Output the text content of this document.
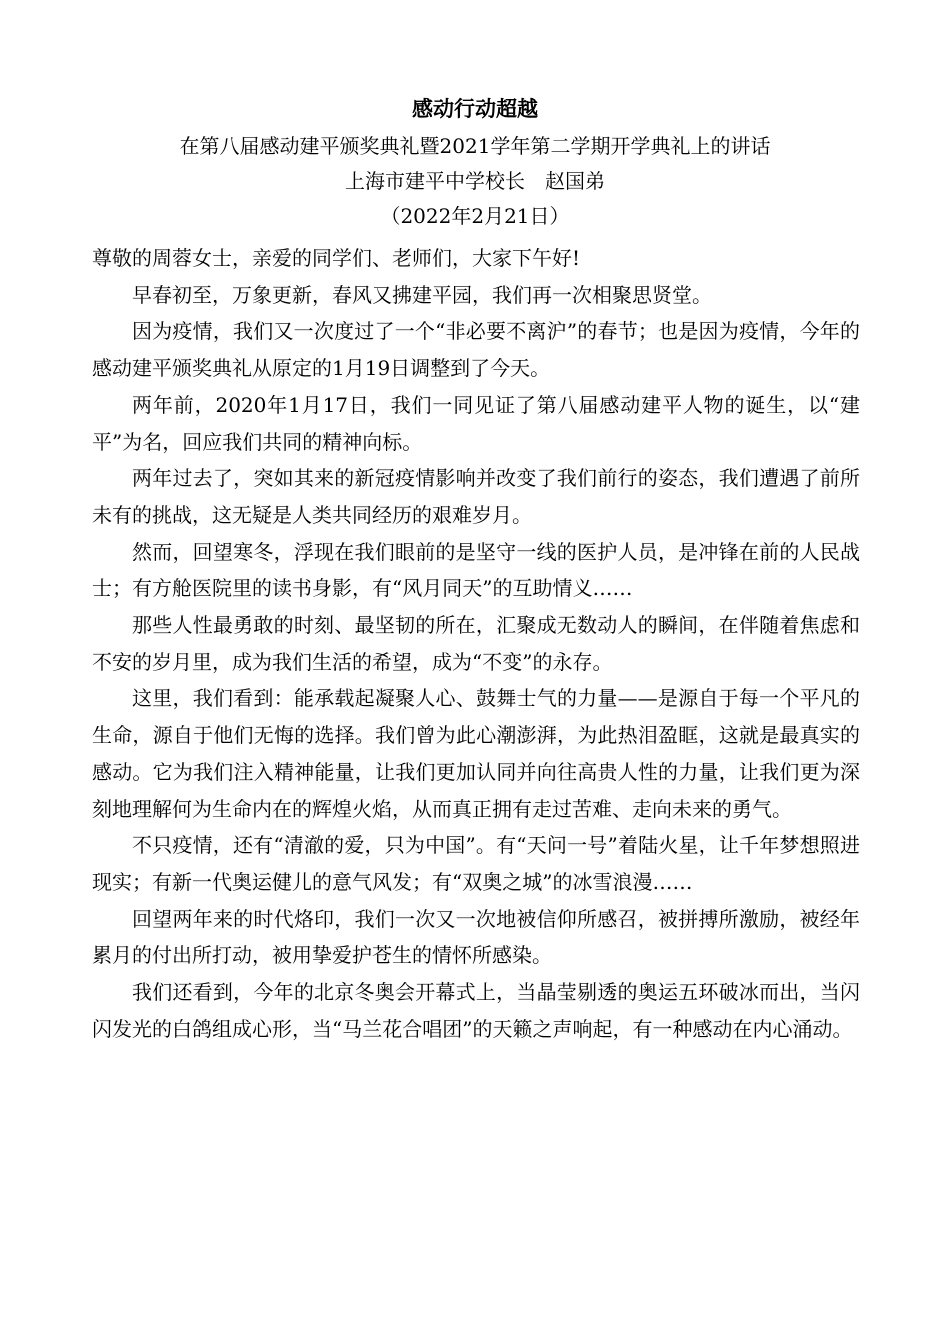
感动行动超越
在第八届感动建平颁奖典礼暨2021学年第二学期开学典礼上的讲话
上海市建平中学校长　赵国弟
（2022年2月21日）

尊敬的周蓉女士，亲爱的同学们、老师们，大家下午好!

早春初至，万象更新，春风又拂建平园，我们再一次相聚思贤堂。

因为疫情，我们又一次度过了一个“非必要不离沪”的春节；也是因为疫情，今年的感动建平颁奖典礼从原定的1月19日调整到了今天。

两年前，2020年1月17日，我们一同见证了第八届感动建平人物的诞生，以“建平”为名，回应我们共同的精神向标。

两年过去了，突如其来的新冠疫情影响并改变了我们前行的姿态，我们遭遇了前所未有的挑战，这无疑是人类共同经历的艰难岁月。

然而，回望寒冬，浮现在我们眼前的是坚守一线的医护人员，是冲锋在前的人民战士；有方舱医院里的读书身影，有“风月同天”的互助情义……

那些人性最勇敢的时刻、最坚韧的所在，汇聚成无数动人的瞬间，在伴随着焦虑和不安的岁月里，成为我们生活的希望，成为“不变”的永存。

这里，我们看到：能承载起凝聚人心、鼓舞士气的力量——是源自于每一个平凡的生命，源自于他们无悔的选择。我们曾为此心潮澎湃，为此热泪盈眶，这就是最真实的感动。它为我们注入精神能量，让我们更加认同并向往高贵人性的力量，让我们更为深刻地理解何为生命内在的辉煌火焰，从而真正拥有走过苦难、走向未来的勇气。

不只疫情，还有“清澈的爱，只为中国”。有“天问一号”着陆火星，让千年梦想照进现实；有新一代奥运健儿的意气风发；有“双奥之城”的冰雪浪漫……

回望两年来的时代烙印，我们一次又一次地被信仰所感召，被拼搏所激励，被经年累月的付出所打动，被用挚爱护苍生的情怀所感染。

我们还看到，今年的北京冬奥会开幕式上，当晶莹剔透的奥运五环破冰而出，当闪闪发光的白鸽组成心形，当“马兰花合唱团”的天籁之声响起，有一种感动在内心涌动。
